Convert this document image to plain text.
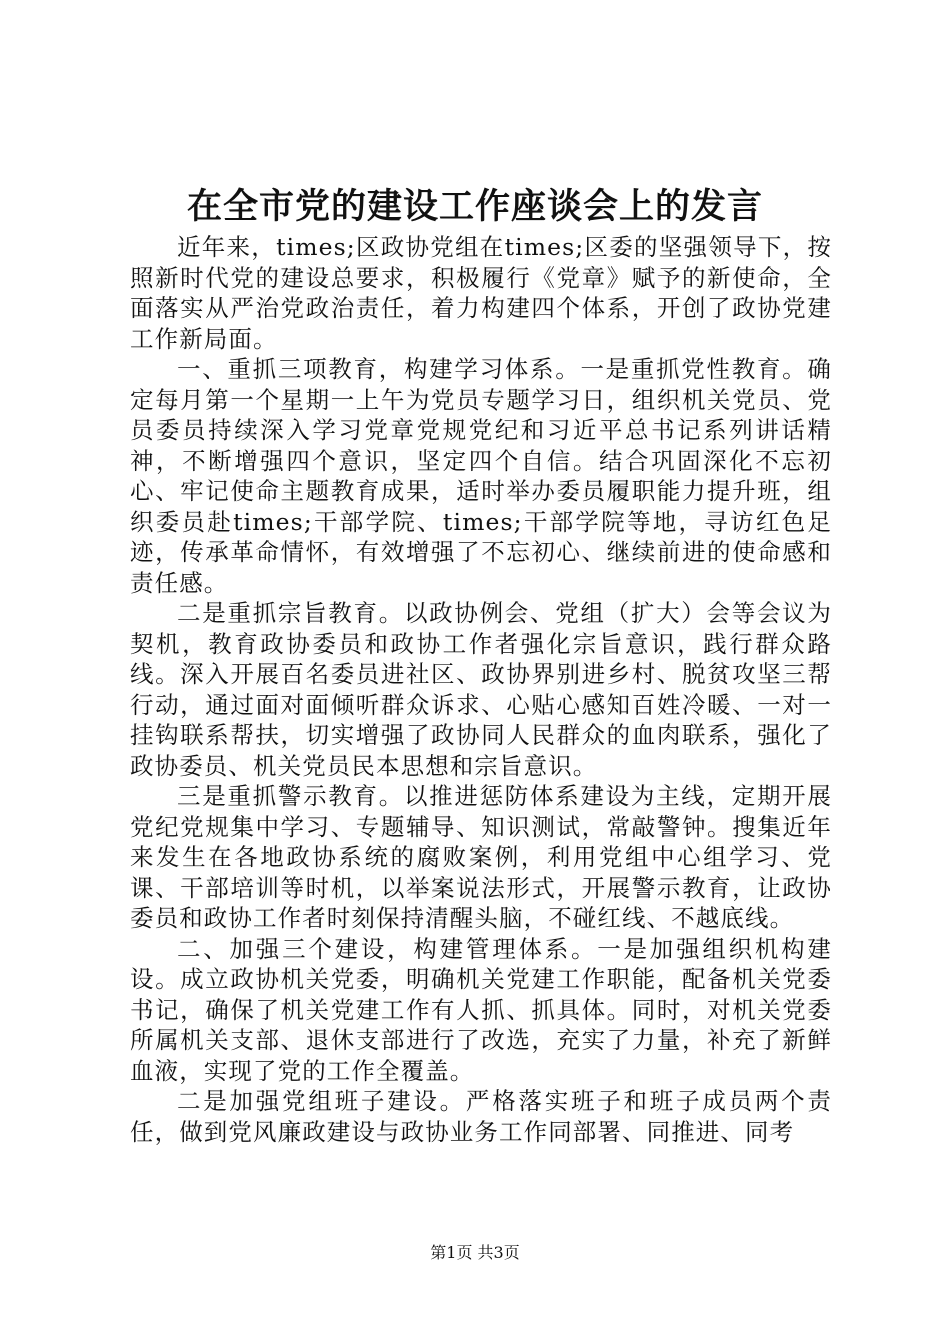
在全市党的建设工作座谈会上的发言

近年来，times;区政协党组在times;区委的坚强领导下，按照新时代党的建设总要求，积极履行《党章》赋予的新使命，全面落实从严治党政治责任，着力构建四个体系，开创了政协党建工作新局面。

一、重抓三项教育，构建学习体系。一是重抓党性教育。确定每月第一个星期一上午为党员专题学习日，组织机关党员、党员委员持续深入学习党章党规党纪和习近平总书记系列讲话精神，不断增强四个意识，坚定四个自信。结合巩固深化不忘初心、牢记使命主题教育成果，适时举办委员履职能力提升班，组织委员赴times;干部学院、times;干部学院等地，寻访红色足迹，传承革命情怀，有效增强了不忘初心、继续前进的使命感和责任感。

二是重抓宗旨教育。以政协例会、党组（扩大）会等会议为契机，教育政协委员和政协工作者强化宗旨意识，践行群众路线。深入开展百名委员进社区、政协界别进乡村、脱贫攻坚三帮行动，通过面对面倾听群众诉求、心贴心感知百姓冷暖、一对一挂钩联系帮扶，切实增强了政协同人民群众的血肉联系，强化了政协委员、机关党员民本思想和宗旨意识。

三是重抓警示教育。以推进惩防体系建设为主线，定期开展党纪党规集中学习、专题辅导、知识测试，常敲警钟。搜集近年来发生在各地政协系统的腐败案例，利用党组中心组学习、党课、干部培训等时机，以举案说法形式，开展警示教育，让政协委员和政协工作者时刻保持清醒头脑，不碰红线、不越底线。

二、加强三个建设，构建管理体系。一是加强组织机构建设。成立政协机关党委，明确机关党建工作职能，配备机关党委书记，确保了机关党建工作有人抓、抓具体。同时，对机关党委所属机关支部、退休支部进行了改选，充实了力量，补充了新鲜血液，实现了党的工作全覆盖。

二是加强党组班子建设。严格落实班子和班子成员两个责任，做到党风廉政建设与政协业务工作同部署、同推进、同考

第1页 共3页
